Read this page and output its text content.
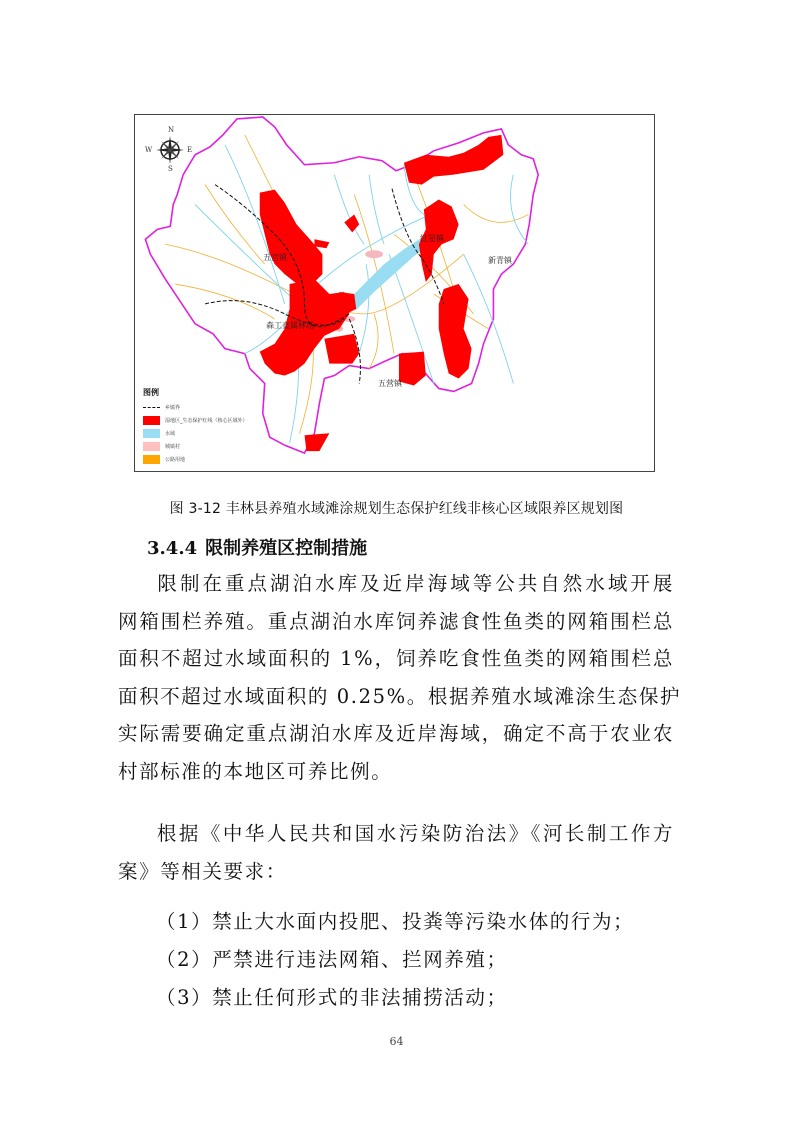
N
S
E
W
五宫镇
红星镇
新青镇
森工直属林场
五营镇
图例
乡镇界
湿地区_生态保护红线（核心区域外）
水域
城镇村
公路用地
图 3-12 丰林县养殖水域滩涂规划生态保护红线非核心区域限养区规划图
3.4.4 限制养殖区控制措施
限制在重点湖泊水库及近岸海域等公共自然水域开展
网箱围栏养殖。重点湖泊水库饲养滤食性鱼类的网箱围栏总
面积不超过水域面积的 1%，饲养吃食性鱼类的网箱围栏总
面积不超过水域面积的 0.25%。根据养殖水域滩涂生态保护
实际需要确定重点湖泊水库及近岸海域，确定不高于农业农
村部标准的本地区可养比例。
根据《中华人民共和国水污染防治法》《河长制工作方
案》等相关要求：
（1）禁止大水面内投肥、投粪等污染水体的行为；
（2）严禁进行违法网箱、拦网养殖；
（3）禁止任何形式的非法捕捞活动；
64
